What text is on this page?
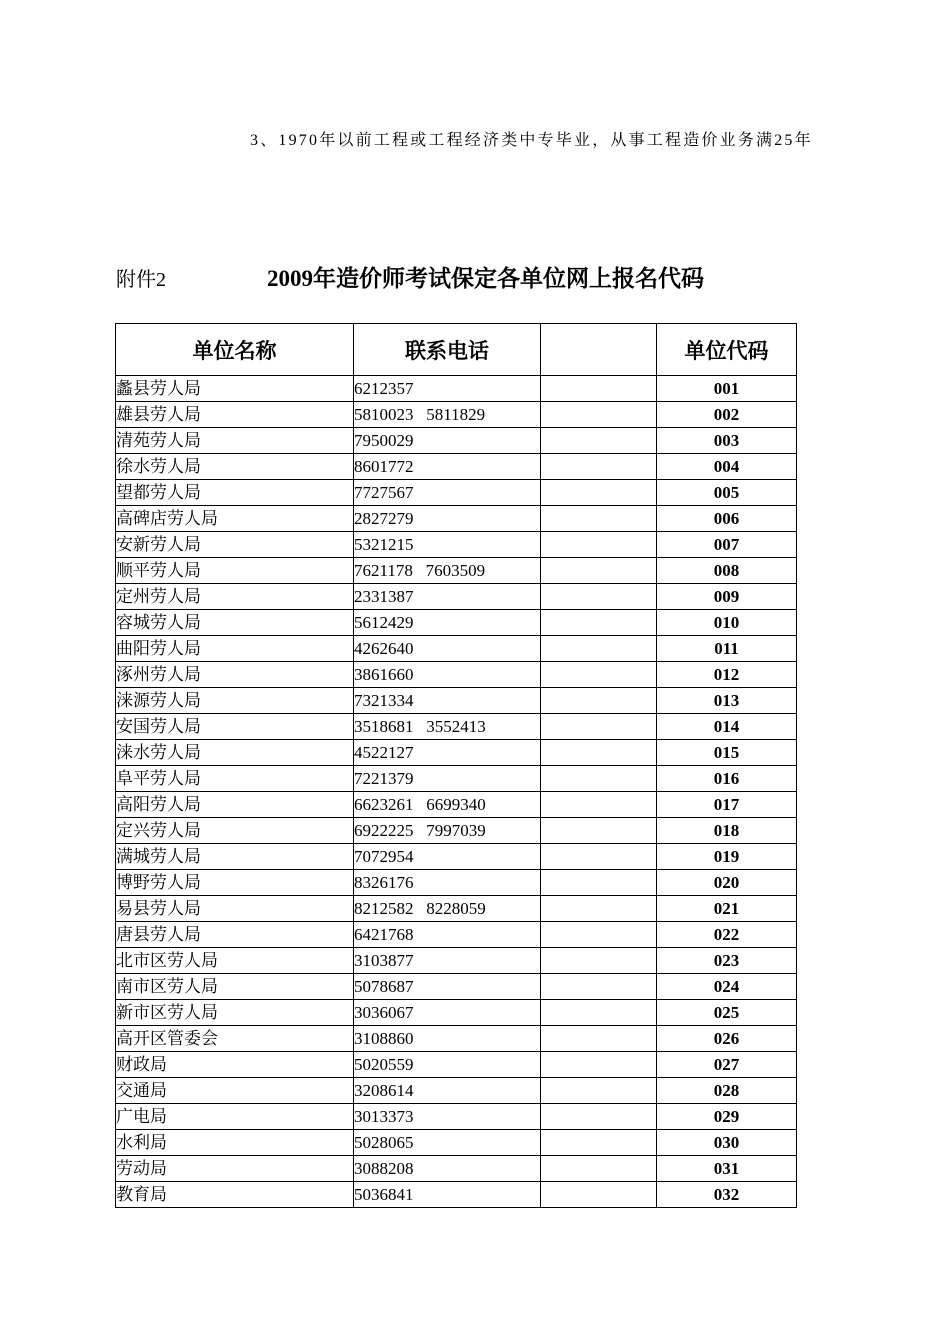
3、1970年以前工程或工程经济类中专毕业，从事工程造价业务满25年
附件2	2009年造价师考试保定各单位网上报名代码
单位名称	联系电话		单位代码
蠡县劳人局	6212357		001
雄县劳人局	5810023   5811829		002
清苑劳人局	7950029		003
徐水劳人局	8601772		004
望都劳人局	7727567		005
高碑店劳人局	2827279		006
安新劳人局	5321215		007
顺平劳人局	7621178   7603509		008
定州劳人局	2331387		009
容城劳人局	5612429		010
曲阳劳人局	4262640		011
涿州劳人局	3861660		012
涞源劳人局	7321334		013
安国劳人局	3518681   3552413		014
涞水劳人局	4522127		015
阜平劳人局	7221379		016
高阳劳人局	6623261   6699340		017
定兴劳人局	6922225   7997039		018
满城劳人局	7072954		019
博野劳人局	8326176		020
易县劳人局	8212582   8228059		021
唐县劳人局	6421768		022
北市区劳人局	3103877		023
南市区劳人局	5078687		024
新市区劳人局	3036067		025
高开区管委会	3108860		026
财政局	5020559		027
交通局	3208614		028
广电局	3013373		029
水利局	5028065		030
劳动局	3088208		031
教育局	5036841		032
